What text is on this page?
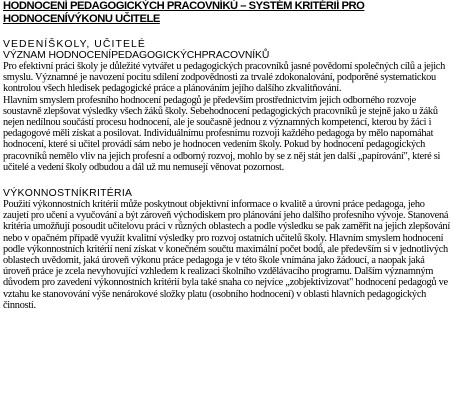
HODNOCENÍ PEDAGOGICKÝCH PRACOVNÍKŮ – SYSTÉM KRITÉRIÍ PRO
HODNOCENÍVÝKONU UČITELE

VEDENÍŠKOLY, UČITELÉ

VÝZNAM HODNOCENÍPEDAGOGICKÝCHPRACOVNÍKŮ

Pro efektivní práci školy je důležité vytvářet u pedagogických pracovníků jasné povědomí společných cílů a jejich smyslu. Významné je navození pocitu sdílení zodpovědnosti za trvalé zdokonalování, podporěné systematickou kontrolou všech hledisek pedagogické práce a plánováním jejího dalšího zkvalitňování.

Hlavním smyslem profesního hodnocení pedagogů je především prostřednictvím jejich odborného rozvoje soustavně zlepšovat výsledky všech žáků školy. Sebehodnocení pedagogických pracovníků je stejně jako u žáků nejen nedílnou součástí procesu hodnocení, ale je současně jednou z významných kompetencí, kterou by žáci i pedagogové měli získat a posilovat. Individuálnímu profesnímu rozvoji každého pedagoga by mělo napomáhat hodnocení, které si učitel provádí sám nebo je hodnocen vedením školy. Pokud by hodnocení pedagogických pracovníků nemělo vliv na jejich profesní a odborný rozvoj, mohlo by se z něj stát jen další „papírování", které si učitelé a vedení školy odbudou a dál už mu nemusejí věnovat pozornost.

VÝKONNOSTNÍKRITÉRIA

Použití výkonnostních kritérií může poskytnout objektivní informace o kvalitě a úrovni práce pedagoga, jeho zaujetí pro učení a vyučování a být zároveň východiskem pro plánování jeho dalšího profesního vývoje. Stanovená kritéria umožňují posoudit učitelovu práci v různých oblastech a podle výsledku se pak zaměřit na jejich zlepšování nebo v opačném případě využít kvalitní výsledky pro rozvoj ostatních učitelů školy. Hlavním smyslem hodnocení podle výkonnostních kritérií není získat v konečném součtu maximální počet bodů, ale především si v jednotlivých oblastech uvědomit, jaká úroveň výkonu práce pedagoga je v této škole vnímána jako žádoucí, a naopak jaká úroveň práce je zcela nevyhovující vzhledem k realizaci školního vzdělávacího programu. Dalším významným důvodem pro zavedení výkonnostních kritérií byla také snaha co nejvíce „zobjektivizovat" hodnocení pedagogů ve vztahu ke stanovování výše nenárokové složky platu (osobního hodnocení) v oblasti hlavních pedagogických činností.
